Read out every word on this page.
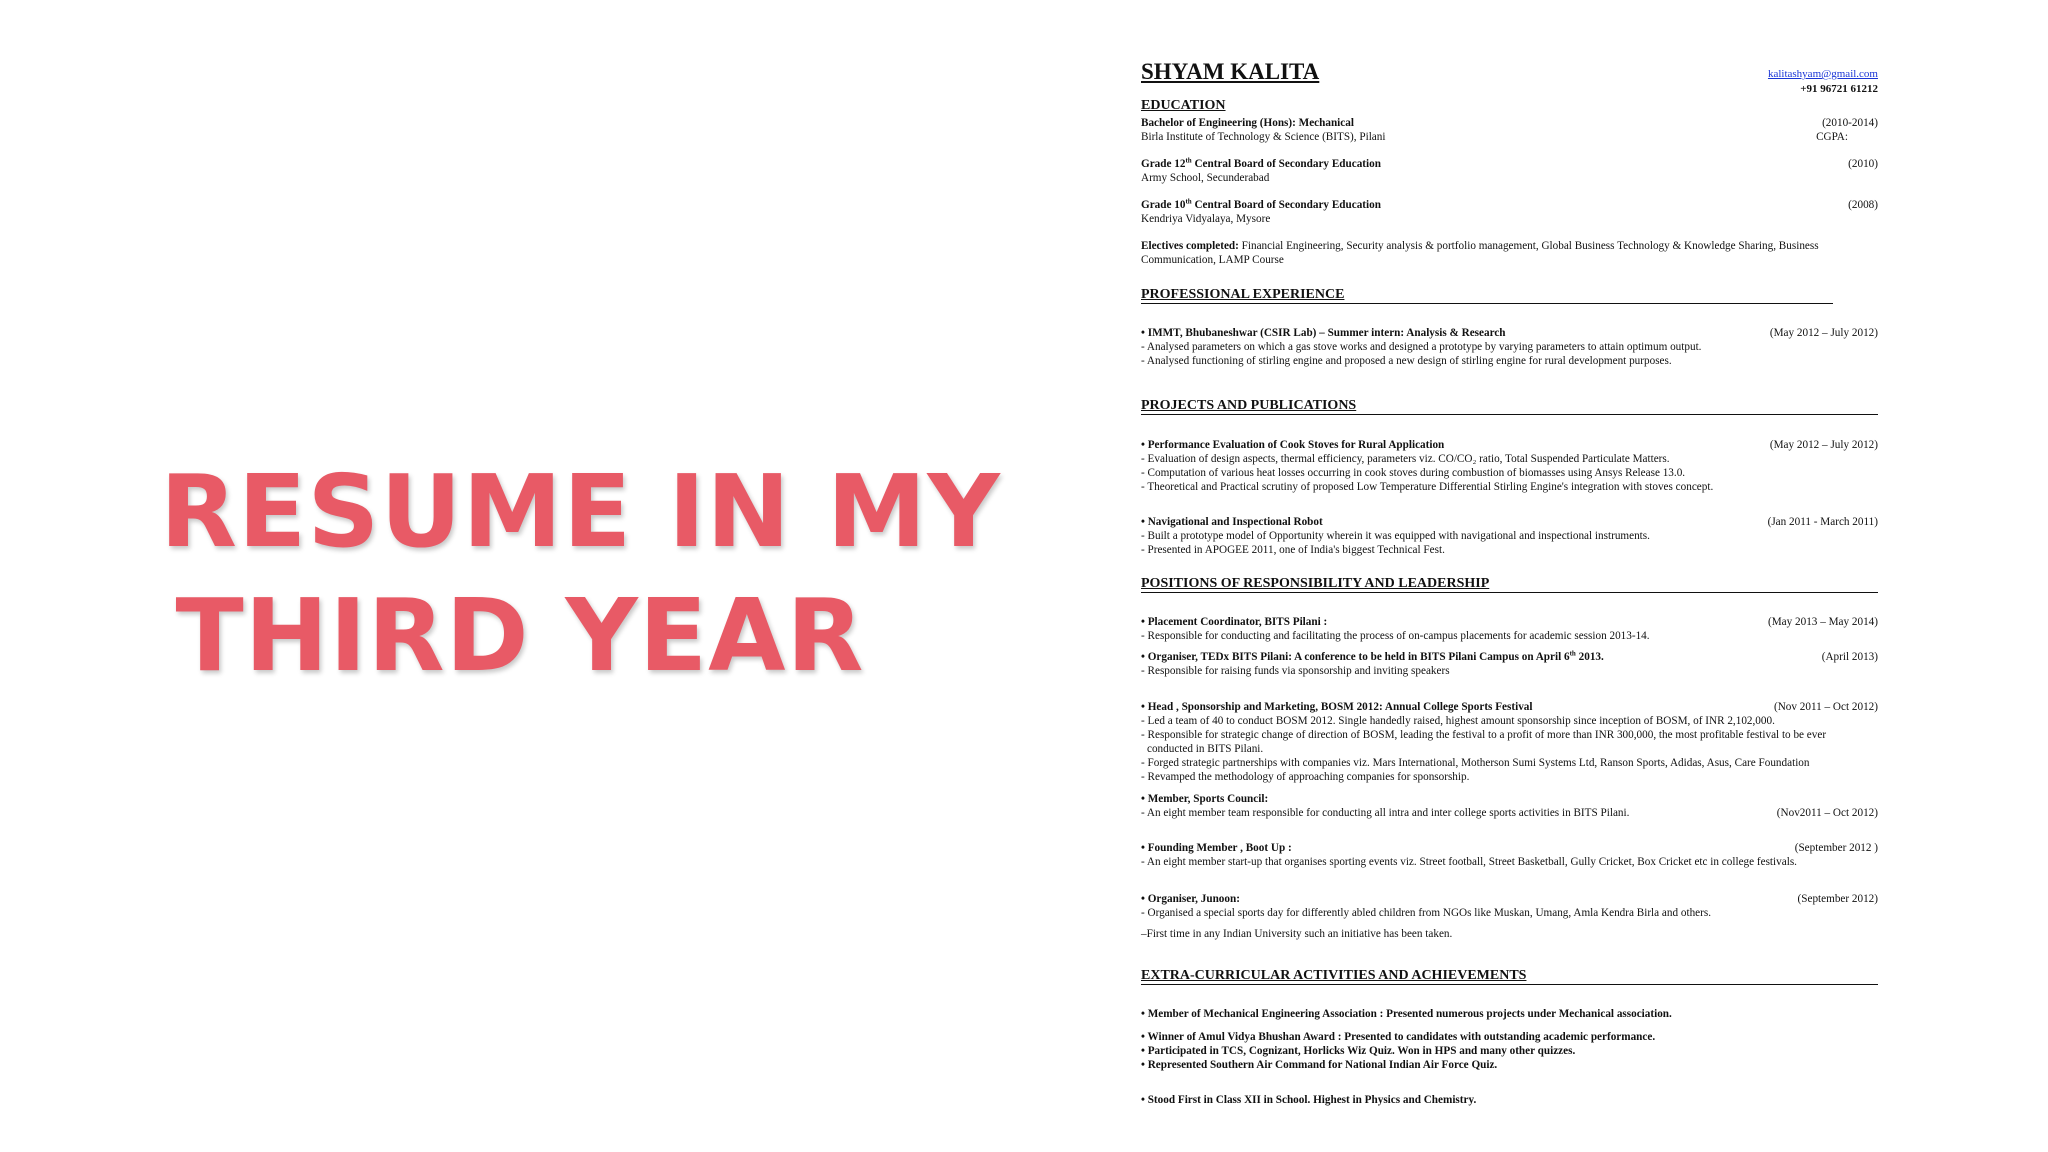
RESUME IN MY
THIRD YEAR
SHYAM KALITA	kalitashyam@gmail.com
+91 96721 61212
EDUCATION
Bachelor of Engineering (Hons): Mechanical	(2010-2014)
Birla Institute of Technology & Science (BITS), Pilani	CGPA:
Grade 12th Central Board of Secondary Education	(2010)
Army School, Secunderabad
Grade 10th Central Board of Secondary Education	(2008)
Kendriya Vidyalaya, Mysore
Electives completed: Financial Engineering, Security analysis & portfolio management, Global Business Technology & Knowledge Sharing, Business Communication, LAMP Course
PROFESSIONAL EXPERIENCE
• IMMT, Bhubaneshwar (CSIR Lab) – Summer intern: Analysis & Research	(May 2012 – July 2012)
- Analysed parameters on which a gas stove works and designed a prototype by varying parameters to attain optimum output.
- Analysed functioning of stirling engine and proposed a new design of stirling engine for rural development purposes.
PROJECTS AND PUBLICATIONS
• Performance Evaluation of Cook Stoves for Rural Application	(May 2012 – July 2012)
- Evaluation of design aspects, thermal efficiency, parameters viz. CO/CO₂ ratio, Total Suspended Particulate Matters.
- Computation of various heat losses occurring in cook stoves during combustion of biomasses using Ansys Release 13.0.
- Theoretical and Practical scrutiny of proposed Low Temperature Differential Stirling Engine's integration with stoves concept.
• Navigational and Inspectional Robot	(Jan 2011 - March 2011)
- Built a prototype model of Opportunity wherein it was equipped with navigational and inspectional instruments.
- Presented in APOGEE 2011, one of India's biggest Technical Fest.
POSITIONS OF RESPONSIBILITY AND LEADERSHIP
• Placement Coordinator, BITS Pilani :	(May 2013 – May 2014)
- Responsible for conducting and facilitating the process of on-campus placements for academic session 2013-14.
• Organiser, TEDx BITS Pilani: A conference to be held in BITS Pilani Campus on April 6th 2013.	(April 2013)
- Responsible for raising funds via sponsorship and inviting speakers
• Head , Sponsorship and Marketing, BOSM 2012: Annual College Sports Festival	(Nov 2011 – Oct 2012)
- Led a team of 40 to conduct BOSM 2012. Single handedly raised, highest amount sponsorship since inception of BOSM, of INR 2,102,000.
- Responsible for strategic change of direction of BOSM, leading the festival to a profit of more than INR 300,000, the most profitable festival to be ever
conducted in BITS Pilani.
- Forged strategic partnerships with companies viz. Mars International, Motherson Sumi Systems Ltd, Ranson Sports, Adidas, Asus, Care Foundation
- Revamped the methodology of approaching companies for sponsorship.
• Member, Sports Council:
- An eight member team responsible for conducting all intra and inter college sports activities in BITS Pilani.	(Nov2011 – Oct 2012)
• Founding Member , Boot Up :	(September 2012 )
- An eight member start-up that organises sporting events viz. Street football, Street Basketball, Gully Cricket, Box Cricket etc in college festivals.
• Organiser, Junoon:	(September 2012)
- Organised a special sports day for differently abled children from NGOs like Muskan, Umang, Amla Kendra Birla and others.
–First time in any Indian University such an initiative has been taken.
EXTRA-CURRICULAR ACTIVITIES AND ACHIEVEMENTS
• Member of Mechanical Engineering Association : Presented numerous projects under Mechanical association.
• Winner of Amul Vidya Bhushan Award : Presented to candidates with outstanding academic performance.
• Participated in TCS, Cognizant, Horlicks Wiz Quiz. Won in HPS and many other quizzes.
• Represented Southern Air Command for National Indian Air Force Quiz.
• Stood First in Class XII in School. Highest in Physics and Chemistry.
